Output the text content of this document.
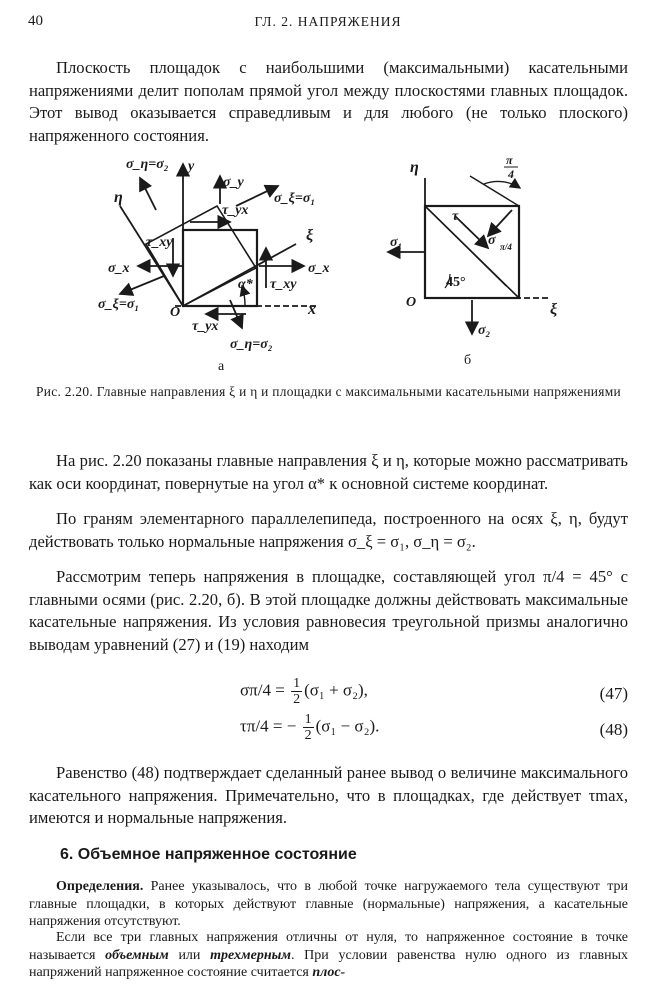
40	ГЛ. 2. НАПРЯЖЕНИЯ

Плоскость площадок с наибольшими (максимальными) касательными напряжениями делит пополам прямой угол между плоскостями главных площадок. Этот вывод оказывается справедливым и для любого (не только плоского) напряженного состояния.

σ_η=σ₂ y
σ_y
τ_yx
σ_ξ=σ₁
η
ξ
τ_xy
σ_x	σ_x
α* τ_xy
σ_ξ=σ₁
O	x
τ_yx
σ_η=σ₂
а
η	π
4
τ
σ π/4
σ₁
45°
O	ξ
σ₂
б
Рис. 2.20. Главные направления ξ и η и площадки с максимальными касательными напряжениями

На рис. 2.20 показаны главные направления ξ и η, которые можно рассматривать как оси координат, повернутые на угол α* к основной системе координат.

По граням элементарного параллелепипеда, построенного на осях ξ, η, будут действовать только нормальные напряжения σ_ξ = σ₁, σ_η = σ₂.

Рассмотрим теперь напряжения в площадке, составляющей угол π/4 = 45° с главными осями (рис. 2.20, б). В этой площадке должны действовать максимальные касательные напряжения. Из условия равновесия треугольной призмы аналогично выводам уравнений (27) и (19) находим

$\sigma\pi/4 = \frac{1}{2} (\sigma_1 + \sigma_2)$,	(47)
τπ/4 = − $\frac{1}{2} (\sigma_1 - \sigma_2)$.	(48)

Равенство (48) подтверждает сделанный ранее вывод о величине максимального касательного напряжения. Примечательно, что в площадках, где действует τmax, имеются и нормальные напряжения.

6. Объемное напряженное состояние

Определения. Ранее указывалось, что в любой точке нагружаемого тела существуют три главные площадки, в которых действуют главные (нормальные) напряжения, а касательные напряжения отсутствуют.

Если все три главных напряжения отличны от нуля, то напряженное состояние в точке называется объемным или трехмерным. При условии равенства нулю одного из главных напряжений напряженное состояние считается плос-
